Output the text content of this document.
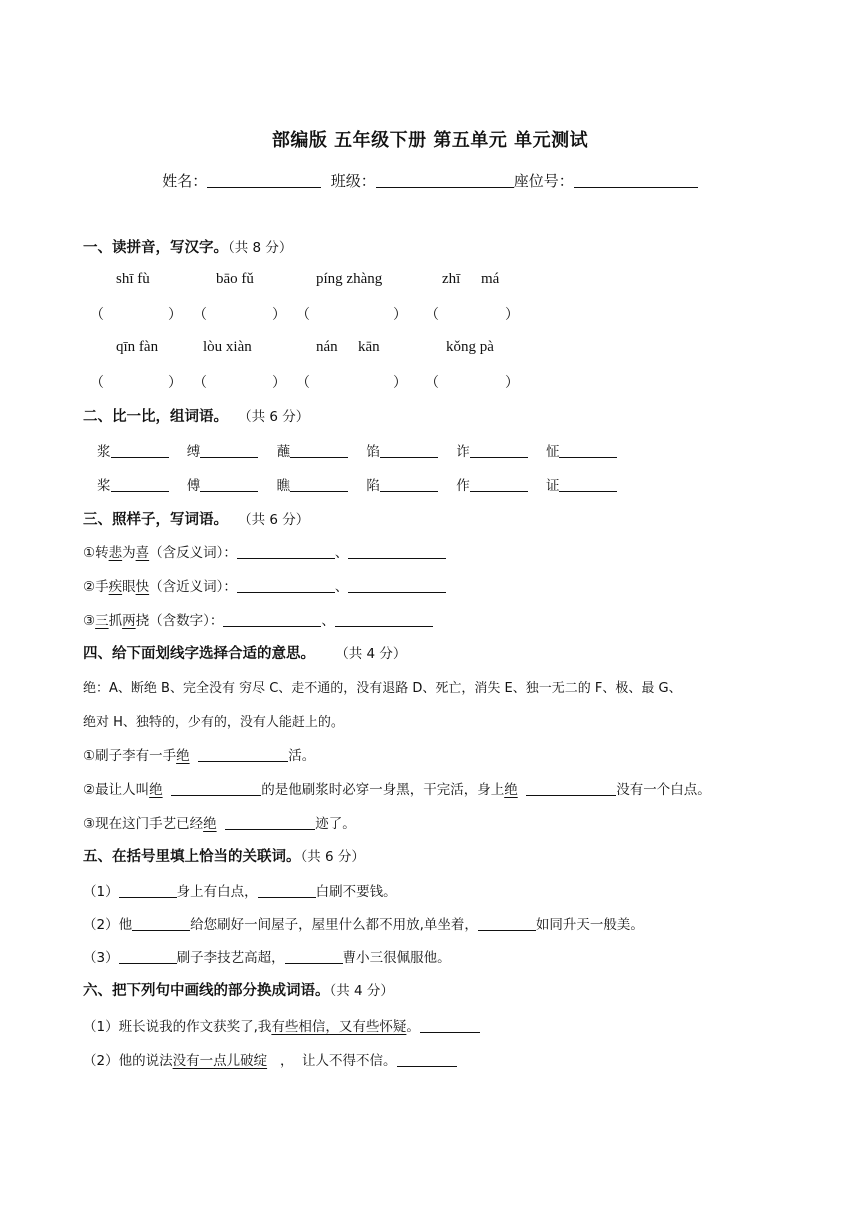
部编版 五年级下册 第五单元 单元测试
姓名：	班级：	座位号：
一、读拼音，写汉字。（共 8 分）
shī fù	bāo fǔ	píng zhàng	zhī má
（	） （	） （	） （	）
qīn fàn	lòu xiàn	nán kān	kǒng pà
（	） （	） （	） （	）
二、比一比，组词语。 （共 6 分）
浆	缚	蘸	馅	诈	怔
桨	傅	瞧	陷	作	证
三、照样子，写词语。 （共 6 分）
①转悲为喜（含反义词）：	、
②手疾眼快（含近义词）：	、
③三抓两挠（含数字）：	、
四、给下面划线字选择合适的意思。 （共 4 分）
绝：A、断绝 B、完全没有 穷尽 C、走不通的，没有退路 D、死亡，消失 E、独一无二的 F、极、最 G、
绝对 H、独特的，少有的，没有人能赶上的。
①刷子李有一手绝	活。
②最让人叫绝	的是他刷浆时必穿一身黑，干完活，身上绝	没有一个白点。
③现在这门手艺已经绝	迹了。
五、在括号里填上恰当的关联词。（共 6 分）
（1）	身上有白点，	白刷不要钱。
（2）他	给您刷好一间屋子，屋里什么都不用放,单坐着，	如同升天一般美。
（3）	刷子李技艺高超，	曹小三很佩服他。
六、把下列句中画线的部分换成词语。（共 4 分）
（1）班长说我的作文获奖了,我有些相信，又有些怀疑。
（2）他的说法没有一点儿破绽   ，  让人不得不信。
